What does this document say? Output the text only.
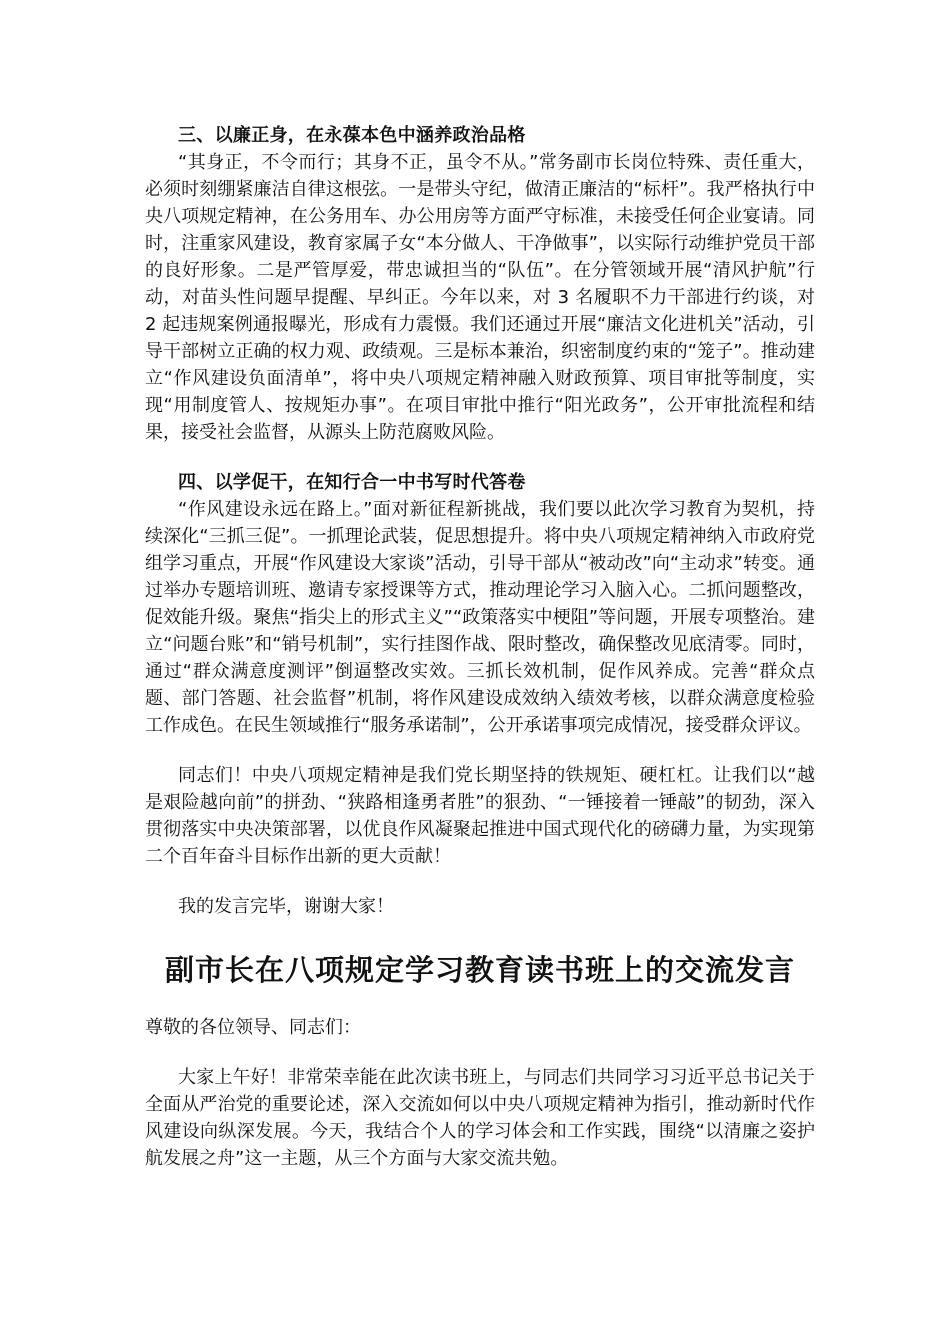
三、以廉正身，在永葆本色中涵养政治品格

“其身正，不令而行；其身不正，虽令不从。”常务副市长岗位特殊、责任重大，必须时刻绷紧廉洁自律这根弦。一是带头守纪，做清正廉洁的“标杆”。我严格执行中央八项规定精神，在公务用车、办公用房等方面严守标准，未接受任何企业宴请。同时，注重家风建设，教育家属子女“本分做人、干净做事”，以实际行动维护党员干部的良好形象。二是严管厚爱，带忠诚担当的“队伍”。在分管领域开展“清风护航”行动，对苗头性问题早提醒、早纠正。今年以来，对 3 名履职不力干部进行约谈，对 2 起违规案例通报曝光，形成有力震慑。我们还通过开展“廉洁文化进机关”活动，引导干部树立正确的权力观、政绩观。三是标本兼治，织密制度约束的“笼子”。推动建立“作风建设负面清单”，将中央八项规定精神融入财政预算、项目审批等制度，实现“用制度管人、按规矩办事”。在项目审批中推行“阳光政务”，公开审批流程和结果，接受社会监督，从源头上防范腐败风险。

四、以学促干，在知行合一中书写时代答卷

“作风建设永远在路上。”面对新征程新挑战，我们要以此次学习教育为契机，持续深化“三抓三促”。一抓理论武装，促思想提升。将中央八项规定精神纳入市政府党组学习重点，开展“作风建设大家谈”活动，引导干部从“被动改”向“主动求”转变。通过举办专题培训班、邀请专家授课等方式，推动理论学习入脑入心。二抓问题整改，促效能升级。聚焦“指尖上的形式主义”“政策落实中梗阻”等问题，开展专项整治。建立“问题台账”和“销号机制”，实行挂图作战、限时整改，确保整改见底清零。同时，通过“群众满意度测评”倒逼整改实效。三抓长效机制，促作风养成。完善“群众点题、部门答题、社会监督”机制，将作风建设成效纳入绩效考核，以群众满意度检验工作成色。在民生领域推行“服务承诺制”，公开承诺事项完成情况，接受群众评议。

同志们！中央八项规定精神是我们党长期坚持的铁规矩、硬杠杠。让我们以“越是艰险越向前”的拼劲、“狭路相逢勇者胜”的狠劲、“一锤接着一锤敲”的韧劲，深入贯彻落实中央决策部署，以优良作风凝聚起推进中国式现代化的磅礴力量，为实现第二个百年奋斗目标作出新的更大贡献！

我的发言完毕，谢谢大家！

副市长在八项规定学习教育读书班上的交流发言

尊敬的各位领导、同志们：

大家上午好！非常荣幸能在此次读书班上，与同志们共同学习习近平总书记关于全面从严治党的重要论述，深入交流如何以中央八项规定精神为指引，推动新时代作风建设向纵深发展。今天，我结合个人的学习体会和工作实践，围绕“以清廉之姿护航发展之舟”这一主题，从三个方面与大家交流共勉。
